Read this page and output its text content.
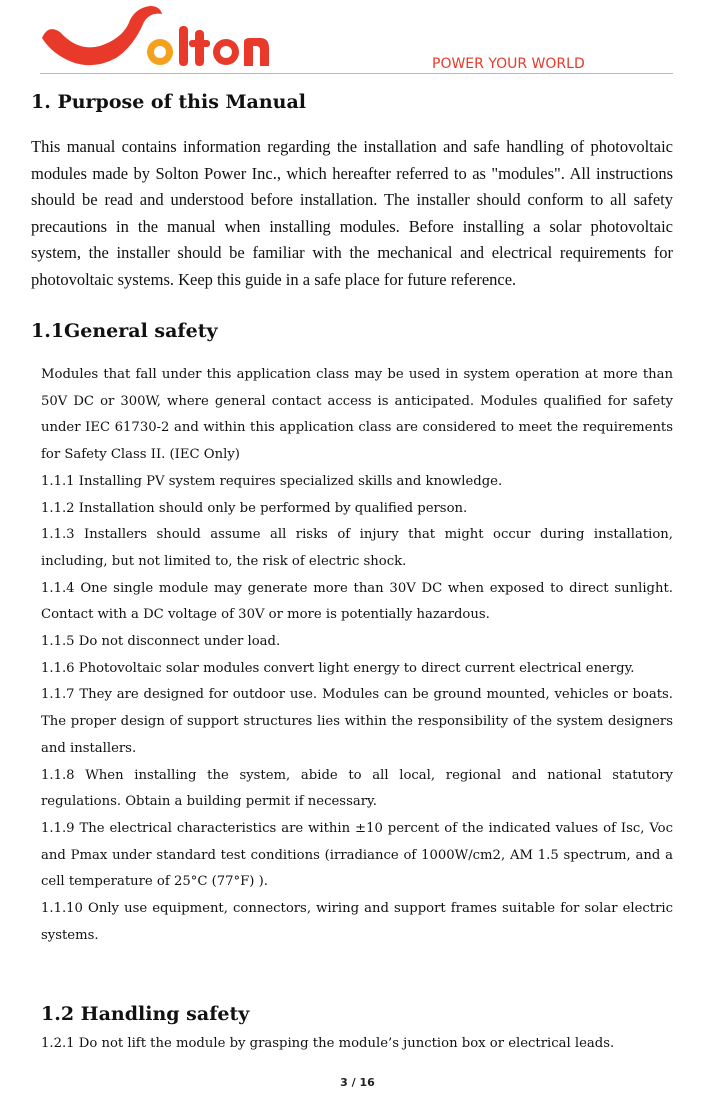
POWER YOUR WORLD
1. Purpose of this Manual
This manual contains information regarding the installation and safe handling of photovoltaic modules made by Solton Power Inc., which hereafter referred to as "modules". All instructions should be read and understood before installation. The installer should conform to all safety precautions in the manual when installing modules. Before installing a solar photovoltaic system, the installer should be familiar with the mechanical and electrical requirements for photovoltaic systems. Keep this guide in a safe place for future reference.
1.1General safety

Modules that fall under this application class may be used in system operation at more than 50V DC or 300W, where general contact access is anticipated. Modules qualified for safety under IEC 61730-2 and within this application class are considered to meet the requirements for Safety Class II. (IEC Only)

1.1.1 Installing PV system requires specialized skills and knowledge.

1.1.2 Installation should only be performed by qualified person.

1.1.3 Installers should assume all risks of injury that might occur during installation, including, but not limited to, the risk of electric shock.

1.1.4 One single module may generate more than 30V DC when exposed to direct sunlight. Contact with a DC voltage of 30V or more is potentially hazardous.

1.1.5 Do not disconnect under load.

1.1.6 Photovoltaic solar modules convert light energy to direct current electrical energy.

1.1.7 They are designed for outdoor use. Modules can be ground mounted, vehicles or boats. The proper design of support structures lies within the responsibility of the system designers and installers.

1.1.8 When installing the system, abide to all local, regional and national statutory regulations. Obtain a building permit if necessary.

1.1.9 The electrical characteristics are within ±10 percent of the indicated values of Isc, Voc and Pmax under standard test conditions (irradiance of 1000W/cm2, AM 1.5 spectrum, and a cell temperature of 25°C (77°F) ).

1.1.10 Only use equipment, connectors, wiring and support frames suitable for solar electric systems.

1.2 Handling safety

1.2.1 Do not lift the module by grasping the module’s junction box or electrical leads.

3 / 16
